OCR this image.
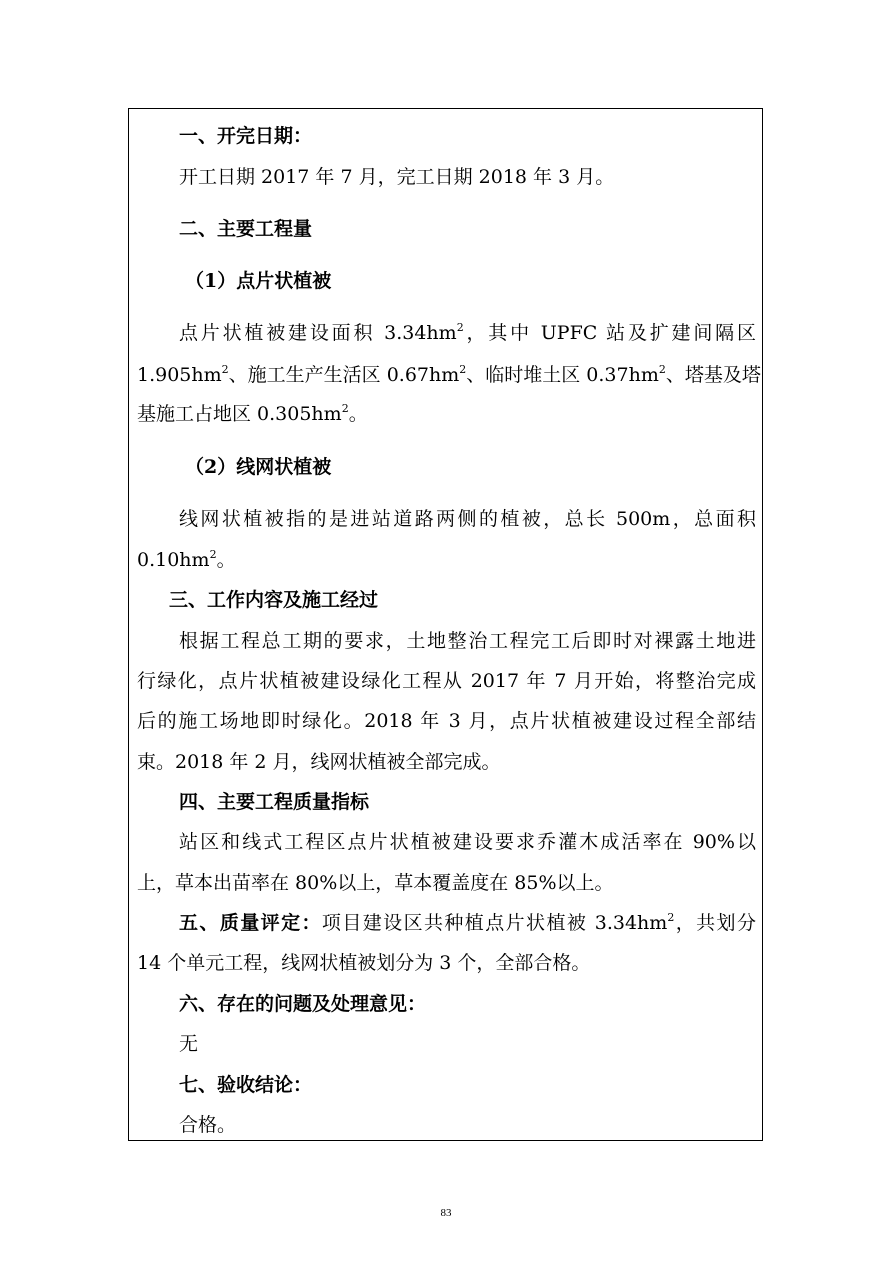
一、开完日期：
开工日期 2017 年 7 月，完工日期 2018 年 3 月。
二、主要工程量
（1）点片状植被
点片状植被建设面积 $3.34hm^2$，其中 UPFC 站及扩建间隔区
$1.905hm^2$、施工生产生活区 $0.67hm^2$、临时堆土区 $0.37hm^2$、塔基及塔
基施工占地区 $0.305hm^2$。
（2）线网状植被
线网状植被指的是进站道路两侧的植被，总长 500m，总面积
$0.10hm^2$。
三、工作内容及施工经过
根据工程总工期的要求，土地整治工程完工后即时对裸露土地进
行绿化，点片状植被建设绿化工程从 2017 年 7 月开始，将整治完成
后的施工场地即时绿化。2018 年 3 月，点片状植被建设过程全部结
束。2018 年 2 月，线网状植被全部完成。
四、主要工程质量指标
站区和线式工程区点片状植被建设要求乔灌木成活率在 90%以
上，草本出苗率在 80%以上，草本覆盖度在 85%以上。
五、质量评定：项目建设区共种植点片状植被 $3.34hm^2$，共划分
14 个单元工程，线网状植被划分为 3 个，全部合格。
六、存在的问题及处理意见：
无
七、验收结论：
合格。
83
